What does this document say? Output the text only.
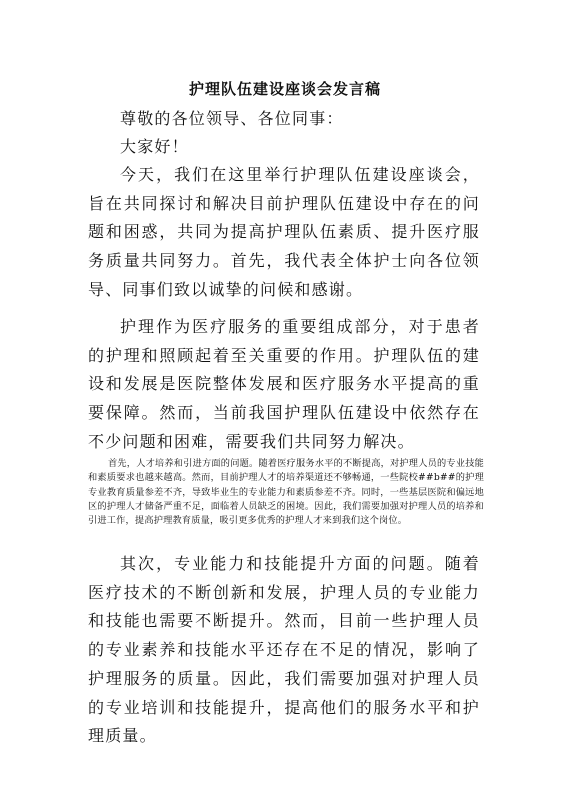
护理队伍建设座谈会发言稿

尊敬的各位领导、各位同事：

大家好！

今天，我们在这里举行护理队伍建设座谈会，旨在共同探讨和解决目前护理队伍建设中存在的问题和困惑，共同为提高护理队伍素质、提升医疗服务质量共同努力。首先，我代表全体护士向各位领导、同事们致以诚挚的问候和感谢。

护理作为医疗服务的重要组成部分，对于患者的护理和照顾起着至关重要的作用。护理队伍的建设和发展是医院整体发展和医疗服务水平提高的重要保障。然而，当前我国护理队伍建设中依然存在不少问题和困难，需要我们共同努力解决。

首先，人才培养和引进方面的问题。随着医疗服务水平的不断提高，对护理人员的专业技能和素质要求也越来越高。然而，目前护理人才的培养渠道还不够畅通，一些院校##b##的护理专业教育质量参差不齐，导致毕业生的专业能力和素质参差不齐。同时，一些基层医院和偏远地区的护理人才储备严重不足，面临着人员缺乏的困境。因此，我们需要加强对护理人员的培养和引进工作，提高护理教育质量，吸引更多优秀的护理人才来到我们这个岗位。

其次，专业能力和技能提升方面的问题。随着医疗技术的不断创新和发展，护理人员的专业能力和技能也需要不断提升。然而，目前一些护理人员的专业素养和技能水平还存在不足的情况，影响了护理服务的质量。因此，我们需要加强对护理人员的专业培训和技能提升，提高他们的服务水平和护理质量。
